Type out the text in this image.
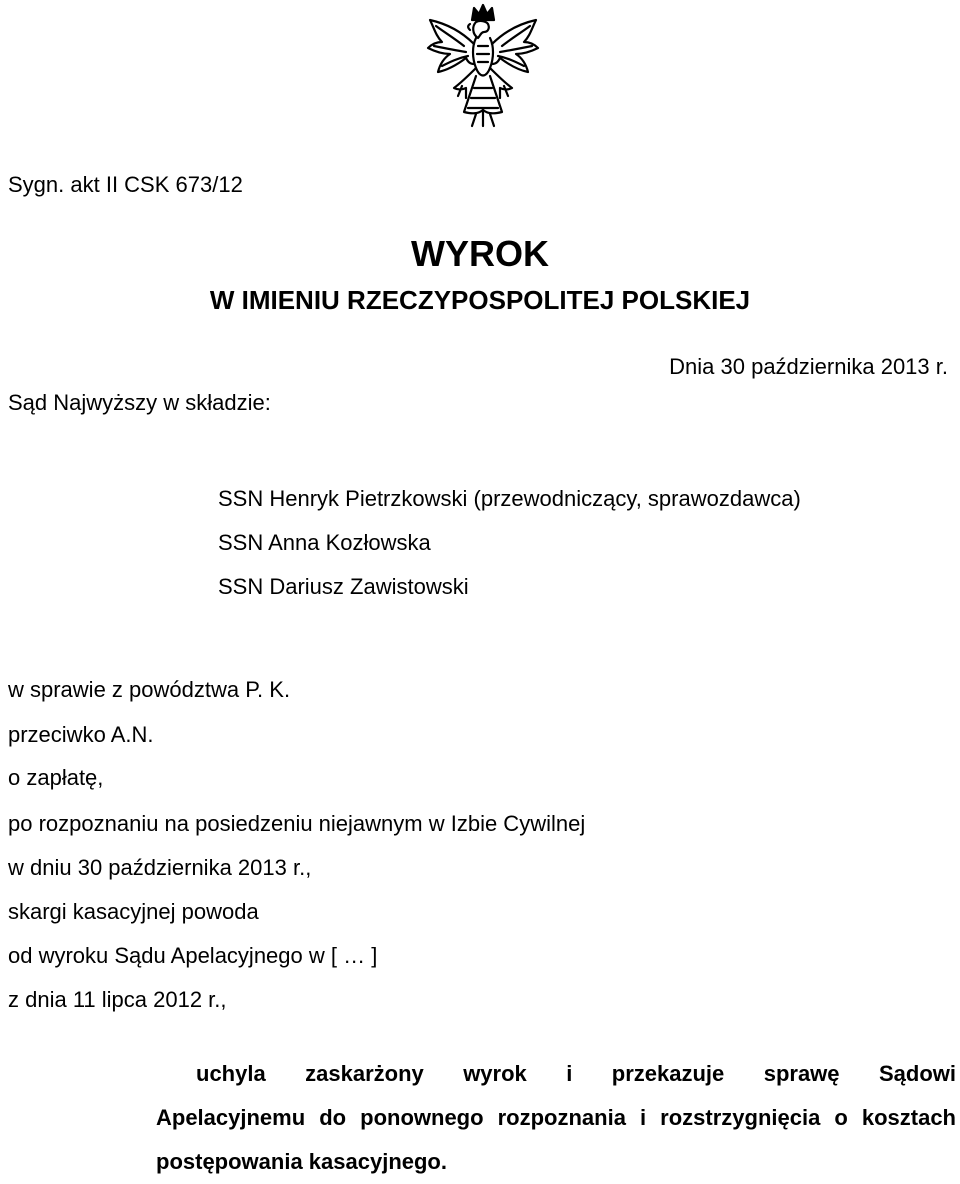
Sygn. akt II CSK 673/12
WYROK
W IMIENIU RZECZYPOSPOLITEJ POLSKIEJ
Dnia 30 października 2013 r.
Sąd Najwyższy w składzie:
SSN Henryk Pietrzkowski (przewodniczący, sprawozdawca)
SSN Anna Kozłowska
SSN Dariusz Zawistowski
w sprawie z powództwa P. K.
przeciwko A.N.
o zapłatę,
po rozpoznaniu na posiedzeniu niejawnym w Izbie Cywilnej
w dniu 30 października 2013 r.,
skargi kasacyjnej powoda
od wyroku Sądu Apelacyjnego w [ … ]
z dnia 11 lipca 2012 r.,
uchyla zaskarżony wyrok i przekazuje sprawę Sądowi
Apelacyjnemu do ponownego rozpoznania i rozstrzygnięcia o kosztach postępowania kasacyjnego.
